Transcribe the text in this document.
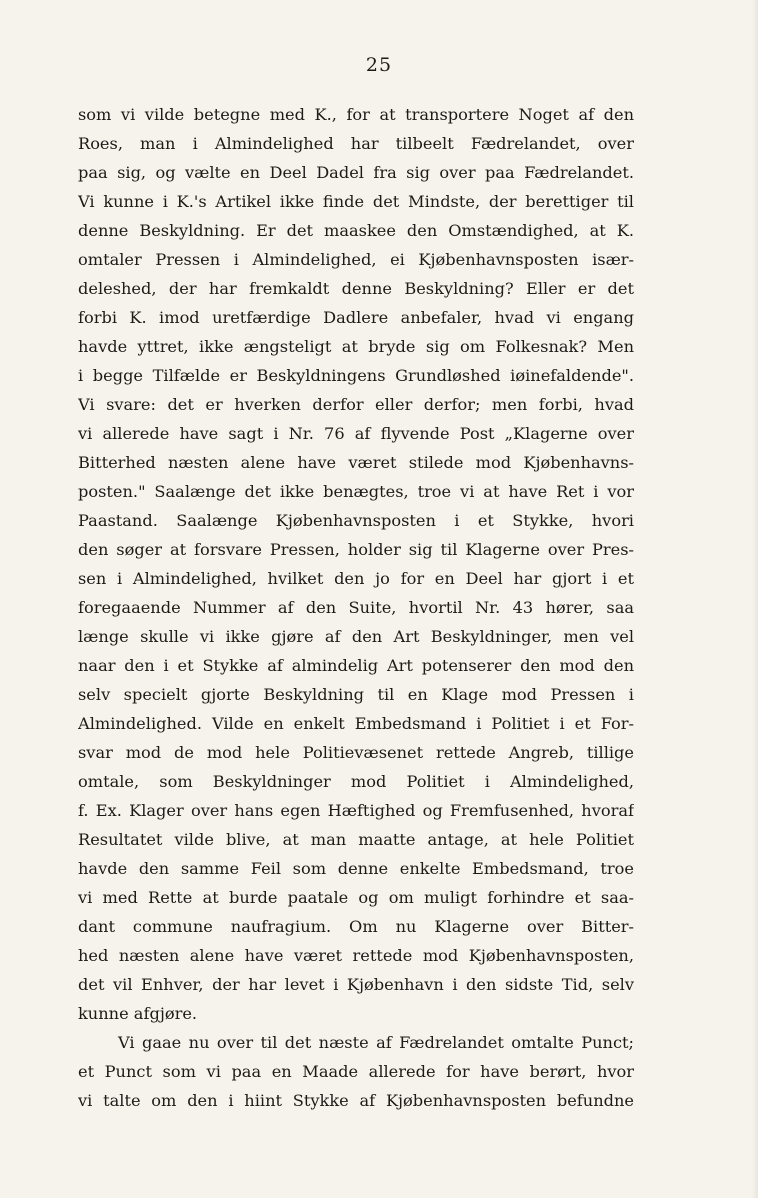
25
som vi vilde betegne med K., for at transportere Noget af den
Roes, man i Almindelighed har tilbeelt Fædrelandet, over
paa sig, og vælte en Deel Dadel fra sig over paa Fædrelandet.
Vi kunne i K.'s Artikel ikke finde det Mindste, der berettiger til
denne Beskyldning. Er det maaskee den Omstændighed, at K.
omtaler Pressen i Almindelighed, ei Kjøbenhavnsposten især-
deleshed, der har fremkaldt denne Beskyldning? Eller er det
forbi K. imod uretfærdige Dadlere anbefaler, hvad vi engang
havde yttret, ikke ængsteligt at bryde sig om Folkesnak? Men
i begge Tilfælde er Beskyldningens Grundløshed iøinefaldende".
Vi svare: det er hverken derfor eller derfor; men forbi, hvad
vi allerede have sagt i Nr. 76 af flyvende Post „Klagerne over
Bitterhed næsten alene have været stilede mod Kjøbenhavns-
posten." Saalænge det ikke benægtes, troe vi at have Ret i vor
Paastand. Saalænge Kjøbenhavnsposten i et Stykke, hvori
den søger at forsvare Pressen, holder sig til Klagerne over Pres-
sen i Almindelighed, hvilket den jo for en Deel har gjort i et
foregaaende Nummer af den Suite, hvortil Nr. 43 hører, saa
længe skulle vi ikke gjøre af den Art Beskyldninger, men vel
naar den i et Stykke af almindelig Art potenserer den mod den
selv specielt gjorte Beskyldning til en Klage mod Pressen i
Almindelighed. Vilde en enkelt Embedsmand i Politiet i et For-
svar mod de mod hele Politievæsenet rettede Angreb, tillige
omtale, som Beskyldninger mod Politiet i Almindelighed,
f. Ex. Klager over hans egen Hæftighed og Fremfusenhed, hvoraf
Resultatet vilde blive, at man maatte antage, at hele Politiet
havde den samme Feil som denne enkelte Embedsmand, troe
vi med Rette at burde paatale og om muligt forhindre et saa-
dant commune naufragium. Om nu Klagerne over Bitter-
hed næsten alene have været rettede mod Kjøbenhavnsposten,
det vil Enhver, der har levet i Kjøbenhavn i den sidste Tid, selv
kunne afgjøre.
Vi gaae nu over til det næste af Fædrelandet omtalte Punct;
et Punct som vi paa en Maade allerede for have berørt, hvor
vi talte om den i hiint Stykke af Kjøbenhavnsposten befundne
